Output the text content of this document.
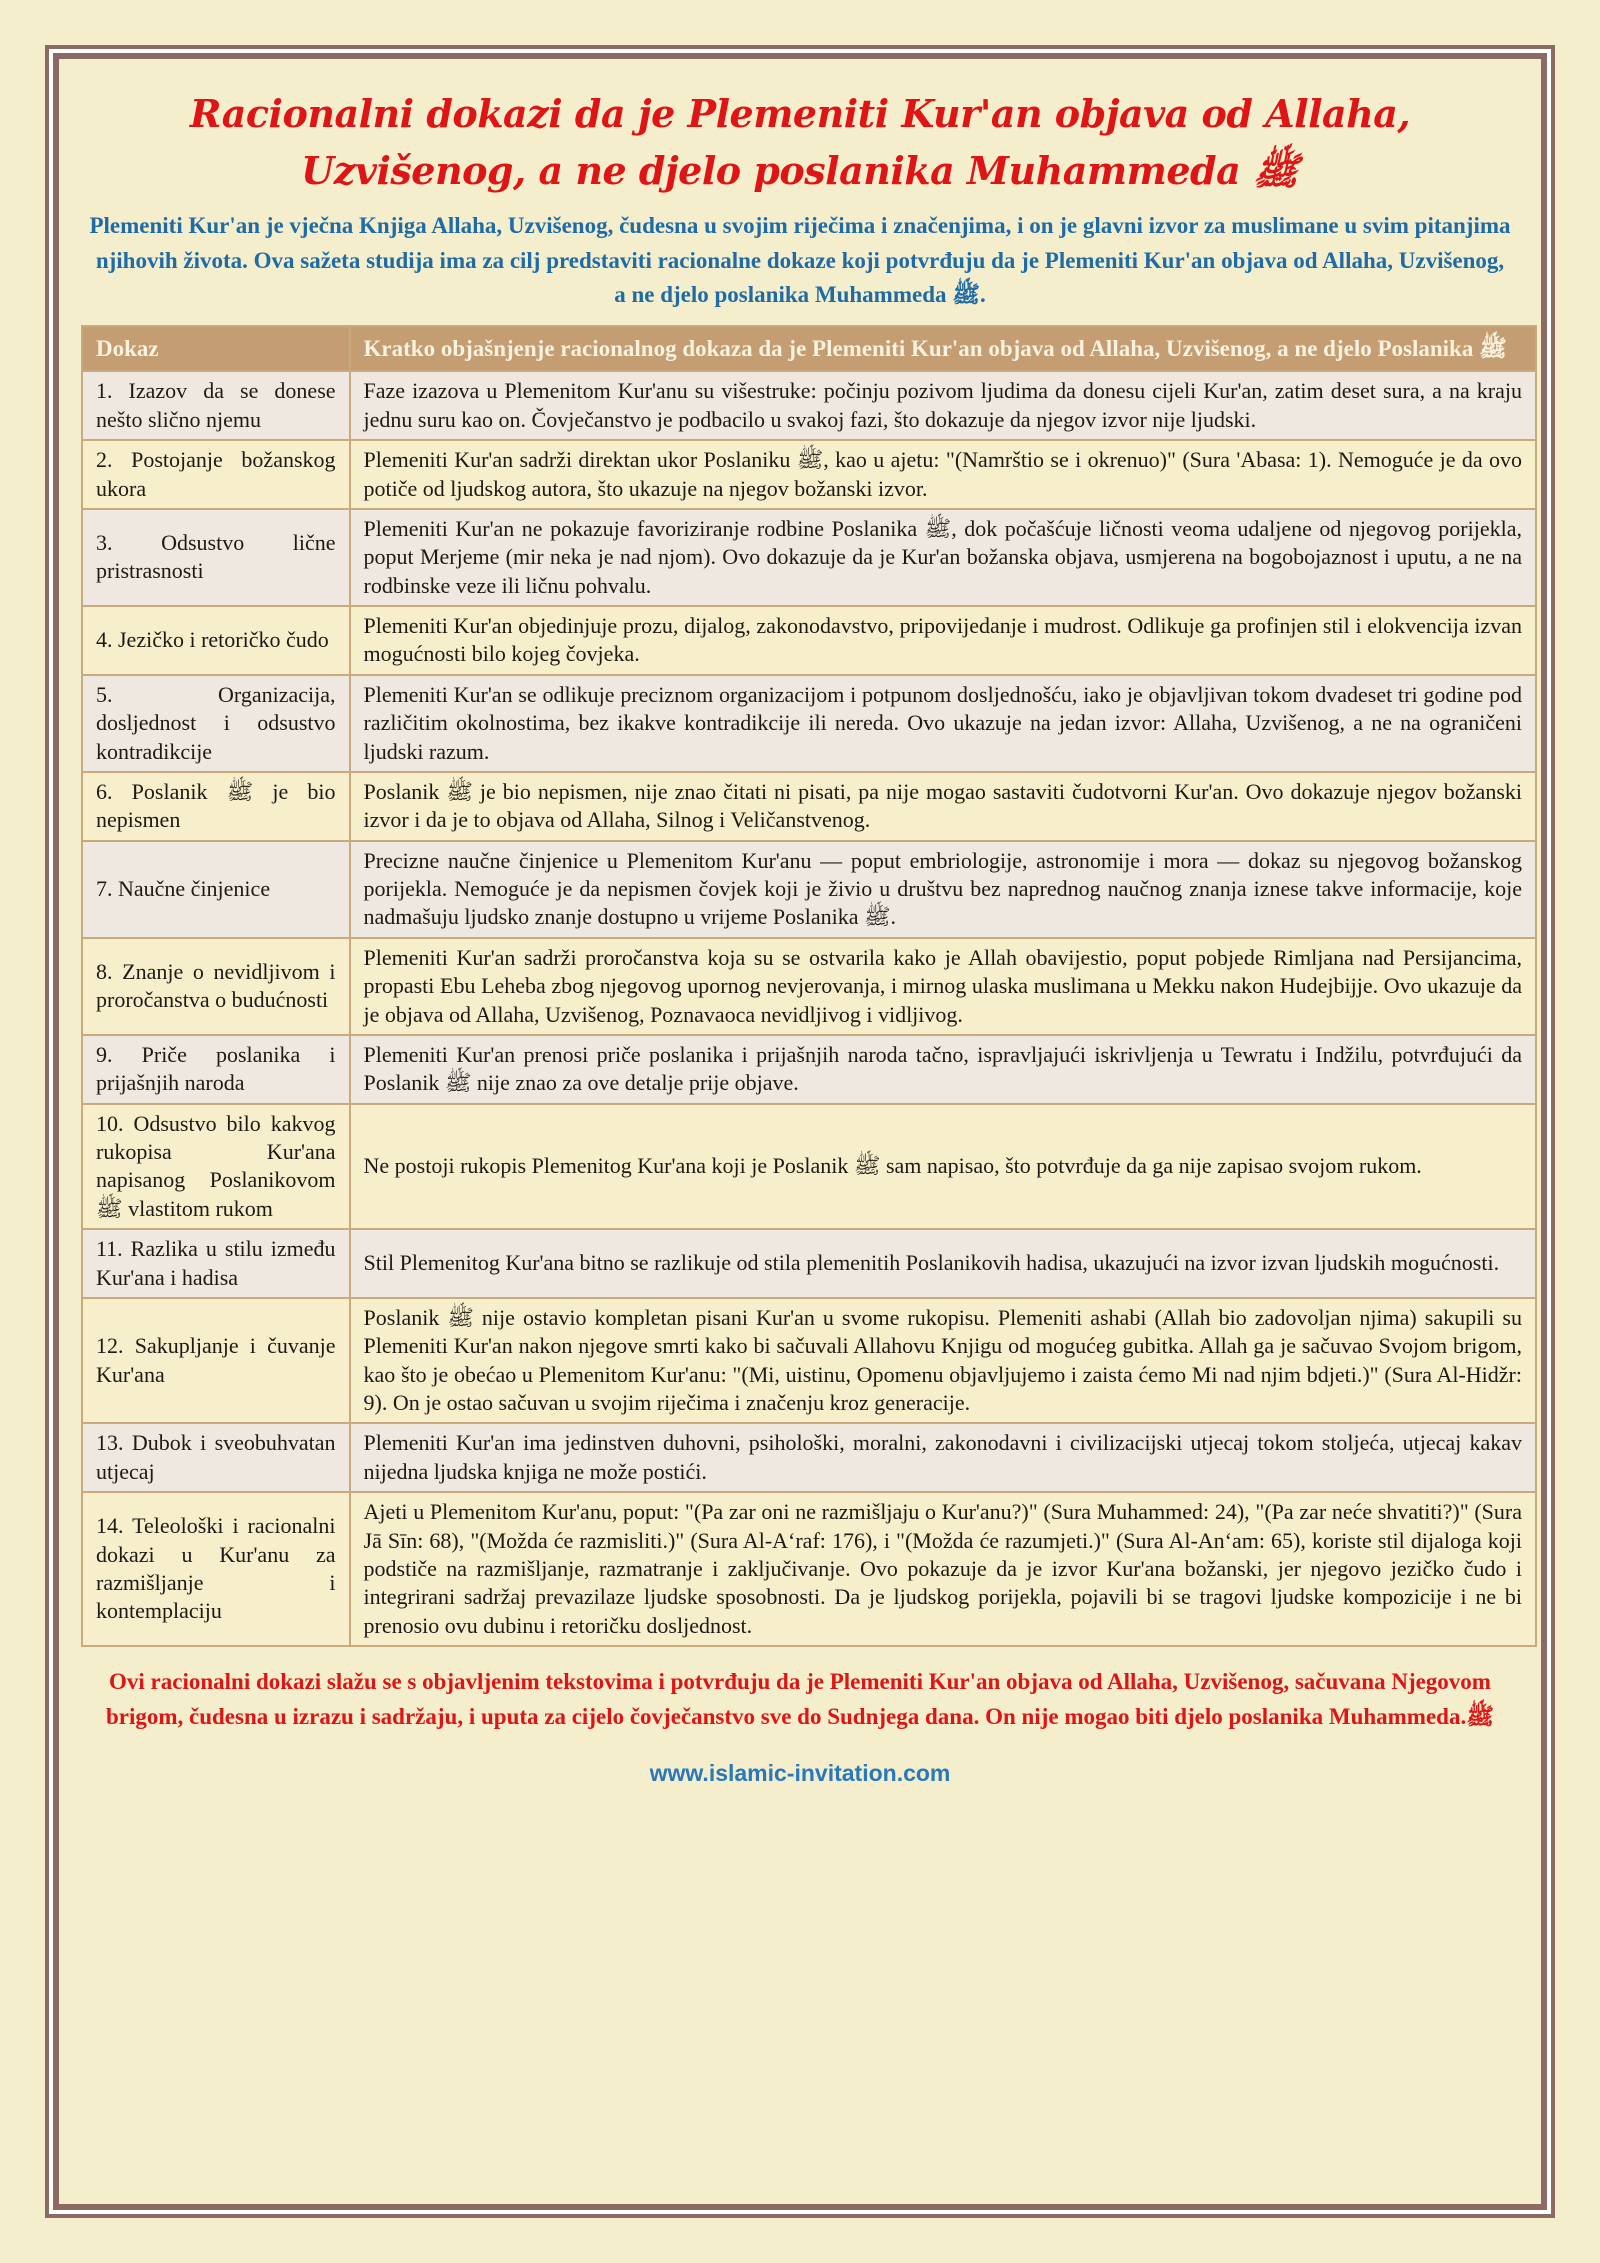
Racionalni dokazi da je Plemeniti Kur'an objava od Allaha, Uzvišenog, a ne djelo poslanika Muhammeda ﷺ

Plemeniti Kur'an je vječna Knjiga Allaha, Uzvišenog, čudesna u svojim riječima i značenjima, i on je glavni izvor za muslimane u svim pitanjima njihovih života. Ova sažeta studija ima za cilj predstaviti racionalne dokaze koji potvrđuju da je Plemeniti Kur'an objava od Allaha, Uzvišenog, a ne djelo poslanika Muhammeda ﷺ.

Dokaz	Kratko objašnjenje racionalnog dokaza da je Plemeniti Kur'an objava od Allaha, Uzvišenog, a ne djelo Poslanika ﷺ
1. Izazov da se donese nešto slično njemu	Faze izazova u Plemenitom Kur'anu su višestruke: počinju pozivom ljudima da donesu cijeli Kur'an, zatim deset sura, a na kraju jednu suru kao on. Čovječanstvo je podbacilo u svakoj fazi, što dokazuje da njegov izvor nije ljudski.
2. Postojanje božanskog ukora	Plemeniti Kur'an sadrži direktan ukor Poslaniku ﷺ, kao u ajetu: "(Namrštio se i okrenuo)" (Sura 'Abasa: 1). Nemoguće je da ovo potiče od ljudskog autora, što ukazuje na njegov božanski izvor.
3. Odsustvo lične pristrasnosti	Plemeniti Kur'an ne pokazuje favoriziranje rodbine Poslanika ﷺ, dok počašćuje ličnosti veoma udaljene od njegovog porijekla, poput Merjeme (mir neka je nad njom). Ovo dokazuje da je Kur'an božanska objava, usmjerena na bogobojaznost i uputu, a ne na rodbinske veze ili ličnu pohvalu.
4. Jezičko i retoričko čudo	Plemeniti Kur'an objedinjuje prozu, dijalog, zakonodavstvo, pripovijedanje i mudrost. Odlikuje ga profinjen stil i elokvencija izvan mogućnosti bilo kojeg čovjeka.
5. Organizacija, dosljednost i odsustvo kontradikcije	Plemeniti Kur'an se odlikuje preciznom organizacijom i potpunom dosljednošću, iako je objavljivan tokom dvadeset tri godine pod različitim okolnostima, bez ikakve kontradikcije ili nereda. Ovo ukazuje na jedan izvor: Allaha, Uzvišenog, a ne na ograničeni ljudski razum.
6. Poslanik ﷺ je bio nepismen	Poslanik ﷺ je bio nepismen, nije znao čitati ni pisati, pa nije mogao sastaviti čudotvorni Kur'an. Ovo dokazuje njegov božanski izvor i da je to objava od Allaha, Silnog i Veličanstvenog.
7. Naučne činjenice	Precizne naučne činjenice u Plemenitom Kur'anu — poput embriologije, astronomije i mora — dokaz su njegovog božanskog porijekla. Nemoguće je da nepismen čovjek koji je živio u društvu bez naprednog naučnog znanja iznese takve informacije, koje nadmašuju ljudsko znanje dostupno u vrijeme Poslanika ﷺ.
8. Znanje o nevidljivom i proročanstva o budućnosti	Plemeniti Kur'an sadrži proročanstva koja su se ostvarila kako je Allah obavijestio, poput pobjede Rimljana nad Persijancima, propasti Ebu Leheba zbog njegovog upornog nevjerovanja, i mirnog ulaska muslimana u Mekku nakon Hudejbijje. Ovo ukazuje da je objava od Allaha, Uzvišenog, Poznavaoca nevidljivog i vidljivog.
9. Priče poslanika i prijašnjih naroda	Plemeniti Kur'an prenosi priče poslanika i prijašnjih naroda tačno, ispravljajući iskrivljenja u Tewratu i Indžilu, potvrđujući da Poslanik ﷺ nije znao za ove detalje prije objave.
10. Odsustvo bilo kakvog rukopisa Kur'ana napisanog Poslanikovom ﷺ vlastitom rukom	Ne postoji rukopis Plemenitog Kur'ana koji je Poslanik ﷺ sam napisao, što potvrđuje da ga nije zapisao svojom rukom.
11. Razlika u stilu između Kur'ana i hadisa	Stil Plemenitog Kur'ana bitno se razlikuje od stila plemenitih Poslanikovih hadisa, ukazujući na izvor izvan ljudskih mogućnosti.
12. Sakupljanje i čuvanje Kur'ana	Poslanik ﷺ nije ostavio kompletan pisani Kur'an u svome rukopisu. Plemeniti ashabi (Allah bio zadovoljan njima) sakupili su Plemeniti Kur'an nakon njegove smrti kako bi sačuvali Allahovu Knjigu od mogućeg gubitka. Allah ga je sačuvao Svojom brigom, kao što je obećao u Plemenitom Kur'anu: "(Mi, uistinu, Opomenu objavljujemo i zaista ćemo Mi nad njim bdjeti.)" (Sura Al-Hidžr: 9). On je ostao sačuvan u svojim riječima i značenju kroz generacije.
13. Dubok i sveobuhvatan utjecaj	Plemeniti Kur'an ima jedinstven duhovni, psihološki, moralni, zakonodavni i civilizacijski utjecaj tokom stoljeća, utjecaj kakav nijedna ljudska knjiga ne može postići.
14. Teleološki i racionalni dokazi u Kur'anu za razmišljanje i kontemplaciju	Ajeti u Plemenitom Kur'anu, poput: "(Pa zar oni ne razmišljaju o Kur'anu?)" (Sura Muhammed: 24), "(Pa zar neće shvatiti?)" (Sura Jā Sīn: 68), "(Možda će razmisliti.)" (Sura Al-A‘raf: 176), i "(Možda će razumjeti.)" (Sura Al-An‘am: 65), koriste stil dijaloga koji podstiče na razmišljanje, razmatranje i zaključivanje. Ovo pokazuje da je izvor Kur'ana božanski, jer njegovo jezičko čudo i integrirani sadržaj prevazilaze ljudske sposobnosti. Da je ljudskog porijekla, pojavili bi se tragovi ljudske kompozicije i ne bi prenosio ovu dubinu i retoričku dosljednost.

Ovi racionalni dokazi slažu se s objavljenim tekstovima i potvrđuju da je Plemeniti Kur'an objava od Allaha, Uzvišenog, sačuvana Njegovom brigom, čudesna u izrazu i sadržaju, i uputa za cijelo čovječanstvo sve do Sudnjega dana. On nije mogao biti djelo poslanika Muhammeda.ﷺ

www.islamic-invitation.com
